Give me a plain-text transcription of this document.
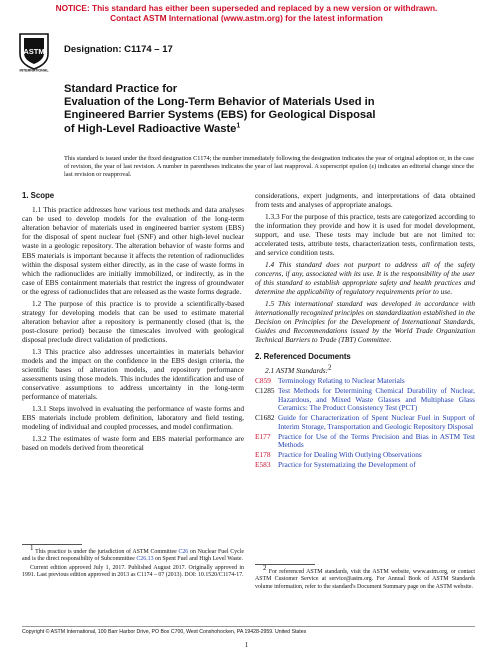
NOTICE: This standard has either been superseded and replaced by a new version or withdrawn.
Contact ASTM International (www.astm.org) for the latest information
ASTM
INTERNATIONAL
Designation: C1174 – 17
Standard Practice for
Evaluation of the Long-Term Behavior of Materials Used in
Engineered Barrier Systems (EBS) for Geological Disposal
of High-Level Radioactive Waste$^1$
This standard is issued under the fixed designation C1174; the number immediately following the designation indicates the year of original adoption or, in the case of revision, the year of last revision. A number in parentheses indicates the year of last reapproval. A superscript epsilon (ε) indicates an editorial change since the last revision or reapproval.
1. Scope

1.1 This practice addresses how various test methods and data analyses can be used to develop models for the evaluation of the long-term alteration behavior of materials used in engineered barrier system (EBS) for the disposal of spent nuclear fuel (SNF) and other high-level nuclear waste in a geologic repository. The alteration behavior of waste forms and EBS materials is important because it affects the retention of radionuclides within the disposal system either directly, as in the case of waste forms in which the radionuclides are initially immobilized, or indirectly, as in the case of EBS containment materials that restrict the ingress of groundwater or the egress of radionuclides that are released as the waste forms degrade.

1.2 The purpose of this practice is to provide a scientifically-based strategy for developing models that can be used to estimate material alteration behavior after a repository is permanently closed (that is, the post-closure period) because the timescales involved with geological disposal preclude direct validation of predictions.

1.3 This practice also addresses uncertainties in materials behavior models and the impact on the confidence in the EBS design criteria, the scientific bases of alteration models, and repository performance assessments using those models. This includes the identification and use of conservative assumptions to address uncertainty in the long-term performance of materials.

1.3.1 Steps involved in evaluating the performance of waste forms and EBS materials include problem definition, laboratory and field testing, modeling of individual and coupled processes, and model confirmation.

1.3.2 The estimates of waste form and EBS material performance are based on models derived from theoretical

considerations, expert judgments, and interpretations of data obtained from tests and analyses of appropriate analogs.

1.3.3 For the purpose of this practice, tests are categorized according to the information they provide and how it is used for model development, support, and use. These tests may include but are not limited to: accelerated tests, attribute tests, characterization tests, confirmation tests, and service condition tests.

1.4 This standard does not purport to address all of the safety concerns, if any, associated with its use. It is the responsibility of the user of this standard to establish appropriate safety and health practices and determine the applicability of regulatory requirements prior to use.

1.5 This international standard was developed in accordance with internationally recognized principles on standardization established in the Decision on Principles for the Development of International Standards, Guides and Recommendations issued by the World Trade Organization Technical Barriers to Trade (TBT) Committee.

2. Referenced Documents
2.1 ASTM Standards:2
C859 Terminology Relating to Nuclear Materials
C1285 Test Methods for Determining Chemical Durability of Nuclear, Hazardous, and Mixed Waste Glasses and Multiphase Glass Ceramics: The Product Consistency Test (PCT)
C1682 Guide for Characterization of Spent Nuclear Fuel in Support of Interim Storage, Transportation and Geologic Repository Disposal
E177	Practice for Use of the Terms Precision and Bias in ASTM Test Methods
E178	Practice for Dealing With Outlying Observations
E583	Practice for Systematizing the Development of

1 This practice is under the jurisdiction of ASTM Committee C26 on Nuclear Fuel Cycle and is the direct responsibility of Subcommittee C26.13 on Spent Fuel and High Level Waste.

Current edition approved July 1, 2017. Published August 2017. Originally approved in 1991. Last previous edition approved in 2013 as C1174 – 07 (2013). DOI: 10.1520/C1174-17.

2 For referenced ASTM standards, visit the ASTM website, www.astm.org, or contact ASTM Customer Service at service@astm.org. For Annual Book of ASTM Standards volume information, refer to the standard's Document Summary page on the ASTM website.

Copyright © ASTM International, 100 Barr Harbor Drive, PO Box C700, West Conshohocken, PA 19428-2959. United States
1
